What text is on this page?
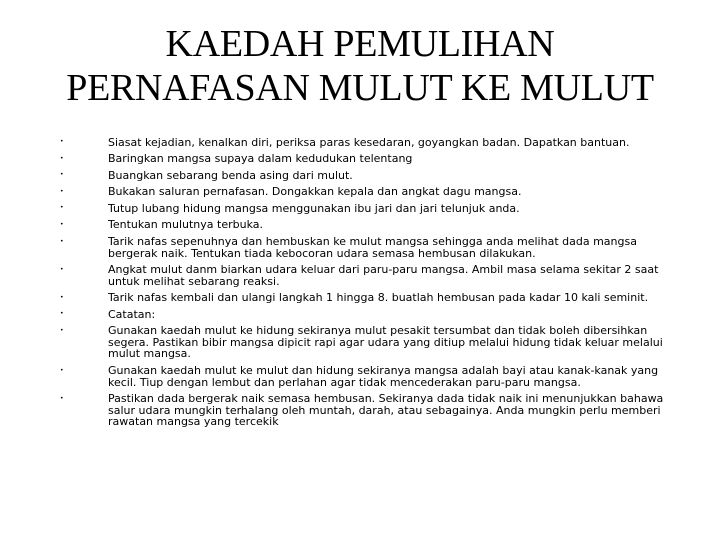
KAEDAH PEMULIHAN
PERNAFASAN MULUT KE MULUT
•	Siasat kejadian, kenalkan diri, periksa paras kesedaran, goyangkan badan. Dapatkan bantuan.
•	Baringkan mangsa supaya dalam kedudukan telentang
•	Buangkan sebarang benda asing dari mulut.
•	Bukakan saluran pernafasan. Dongakkan kepala dan angkat dagu mangsa.
•	Tutup lubang hidung mangsa menggunakan ibu jari dan jari telunjuk anda.
•	Tentukan mulutnya terbuka.
•	Tarik nafas sepenuhnya dan hembuskan ke mulut mangsa sehingga anda melihat dada mangsa bergerak naik. Tentukan tiada kebocoran udara semasa hembusan dilakukan.
•	Angkat mulut danm biarkan udara keluar dari paru-paru mangsa. Ambil masa selama sekitar 2 saat untuk melihat sebarang reaksi.
•	Tarik nafas kembali dan ulangi langkah 1 hingga 8. buatlah hembusan pada kadar 10 kali seminit.
•	Catatan:
•	Gunakan kaedah mulut ke hidung sekiranya mulut pesakit tersumbat dan tidak boleh dibersihkan segera. Pastikan bibir mangsa dipicit rapi agar udara yang ditiup melalui hidung tidak keluar melalui mulut mangsa.
•	Gunakan kaedah mulut ke mulut dan hidung sekiranya mangsa adalah bayi atau kanak-kanak yang kecil. Tiup dengan lembut dan perlahan agar tidak mencederakan paru-paru mangsa.
•	Pastikan dada bergerak naik semasa hembusan. Sekiranya dada tidak naik ini menunjukkan bahawa salur udara mungkin terhalang oleh muntah, darah, atau sebagainya. Anda mungkin perlu memberi rawatan mangsa yang tercekik
